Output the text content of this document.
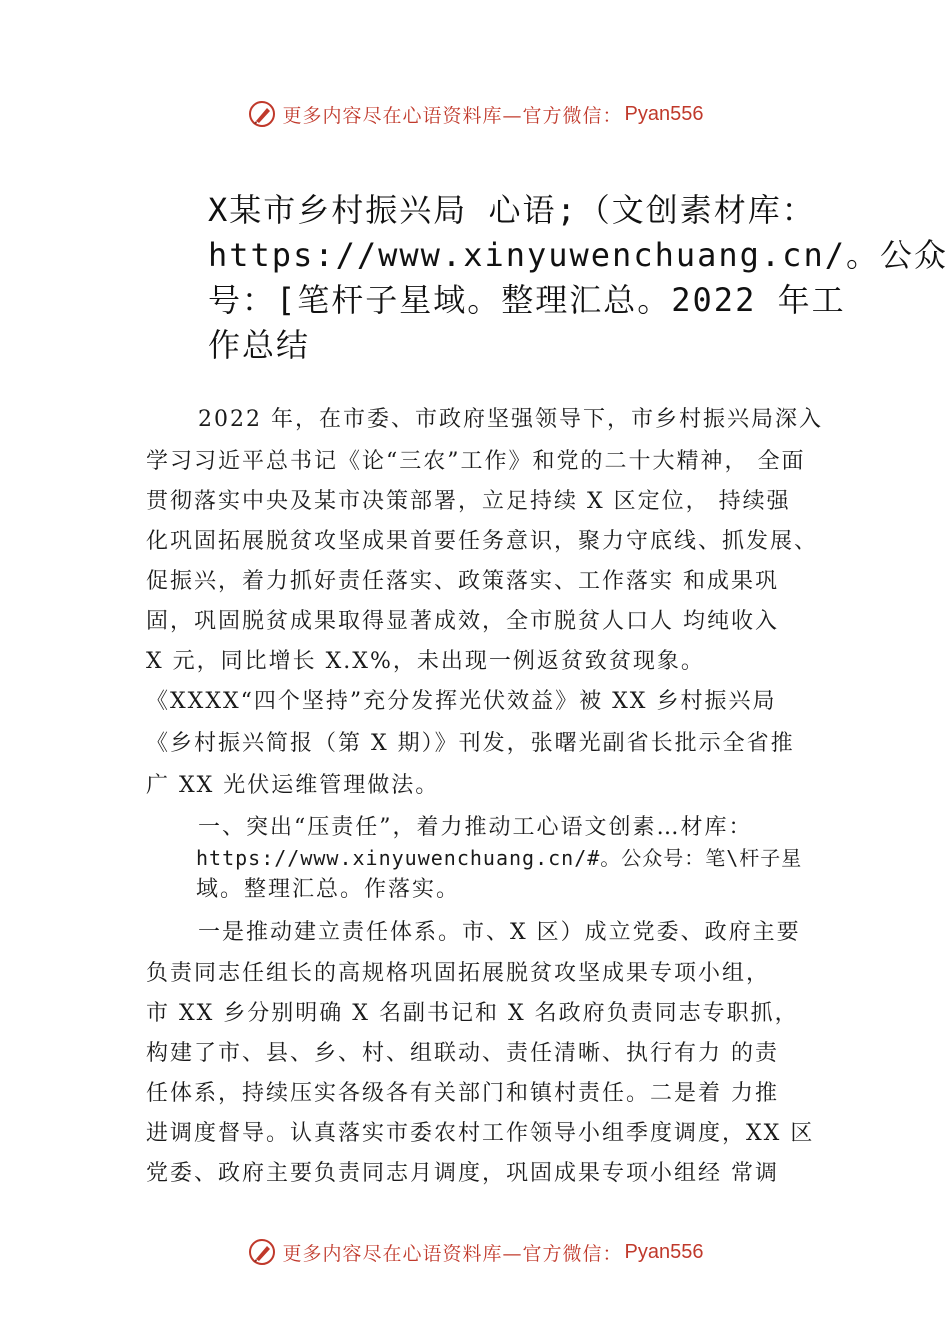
更多内容尽在心语资料库—官方微信： Pyan556
X某市乡村振兴局 心语;（文创素材库：
https://www.xinyuwenchuang.cn/。公众
号：[笔杆子星域。整理汇总。2022 年工
作总结
2022 年，在市委、市政府坚强领导下，市乡村振兴局深入
学习习近平总书记《论“三农”工作》和党的二十大精神， 全面
贯彻落实中央及某市决策部署，立足持续 X 区定位， 持续强
化巩固拓展脱贫攻坚成果首要任务意识，聚力守底线、抓发展、
促振兴，着力抓好责任落实、政策落实、工作落实 和成果巩
固，巩固脱贫成果取得显著成效，全市脱贫人口人 均纯收入
X 元，同比增长 X.X%，未出现一例返贫致贫现象。
《XXXX“四个坚持”充分发挥光伏效益》被 XX 乡村振兴局
《乡村振兴简报（第 X 期）》刊发，张曙光副省长批示全省推
广 XX 光伏运维管理做法。
一、突出“压责任”，着力推动工心语文创素…材库：
https://www.xinyuwenchuang.cn/#。公众号：笔\杆子星
域。整理汇总。作落实。
一是推动建立责任体系。市、X 区）成立党委、政府主要
负责同志任组长的高规格巩固拓展脱贫攻坚成果专项小组，
市 XX 乡分别明确 X 名副书记和 X 名政府负责同志专职抓，
构建了市、县、乡、村、组联动、责任清晰、执行有力 的责
任体系，持续压实各级各有关部门和镇村责任。二是着 力推
进调度督导。认真落实市委农村工作领导小组季度调度，XX 区
党委、政府主要负责同志月调度，巩固成果专项小组经 常调
更多内容尽在心语资料库—官方微信： Pyan556
